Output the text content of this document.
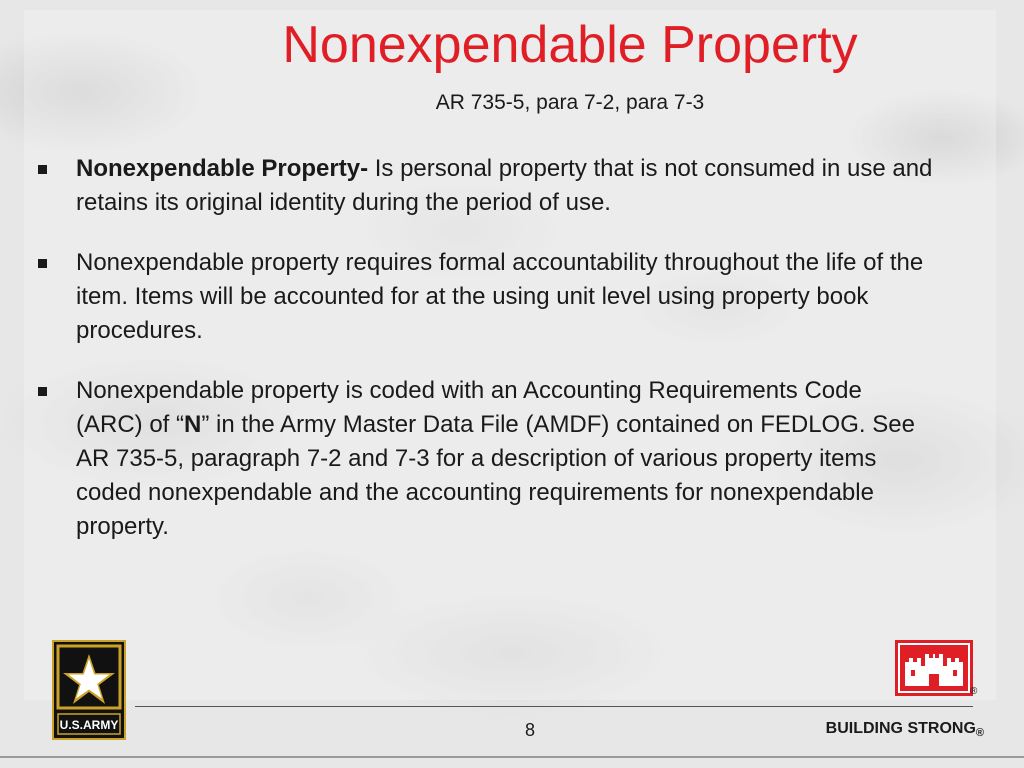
Nonexpendable Property
AR 735-5, para 7-2, para 7-3
Nonexpendable Property- Is personal property that is not consumed in use and retains its original identity during the period of use.
Nonexpendable property requires formal accountability throughout the life of the item. Items will be accounted for at the using unit level using property book procedures.
Nonexpendable property is coded with an Accounting Requirements Code (ARC) of “N” in the Army Master Data File (AMDF) contained on FEDLOG. See AR 735-5, paragraph 7-2 and 7-3 for a description of various property items coded nonexpendable and the accounting requirements for nonexpendable property.
U.S.ARMY
®
8	BUILDING STRONG®
